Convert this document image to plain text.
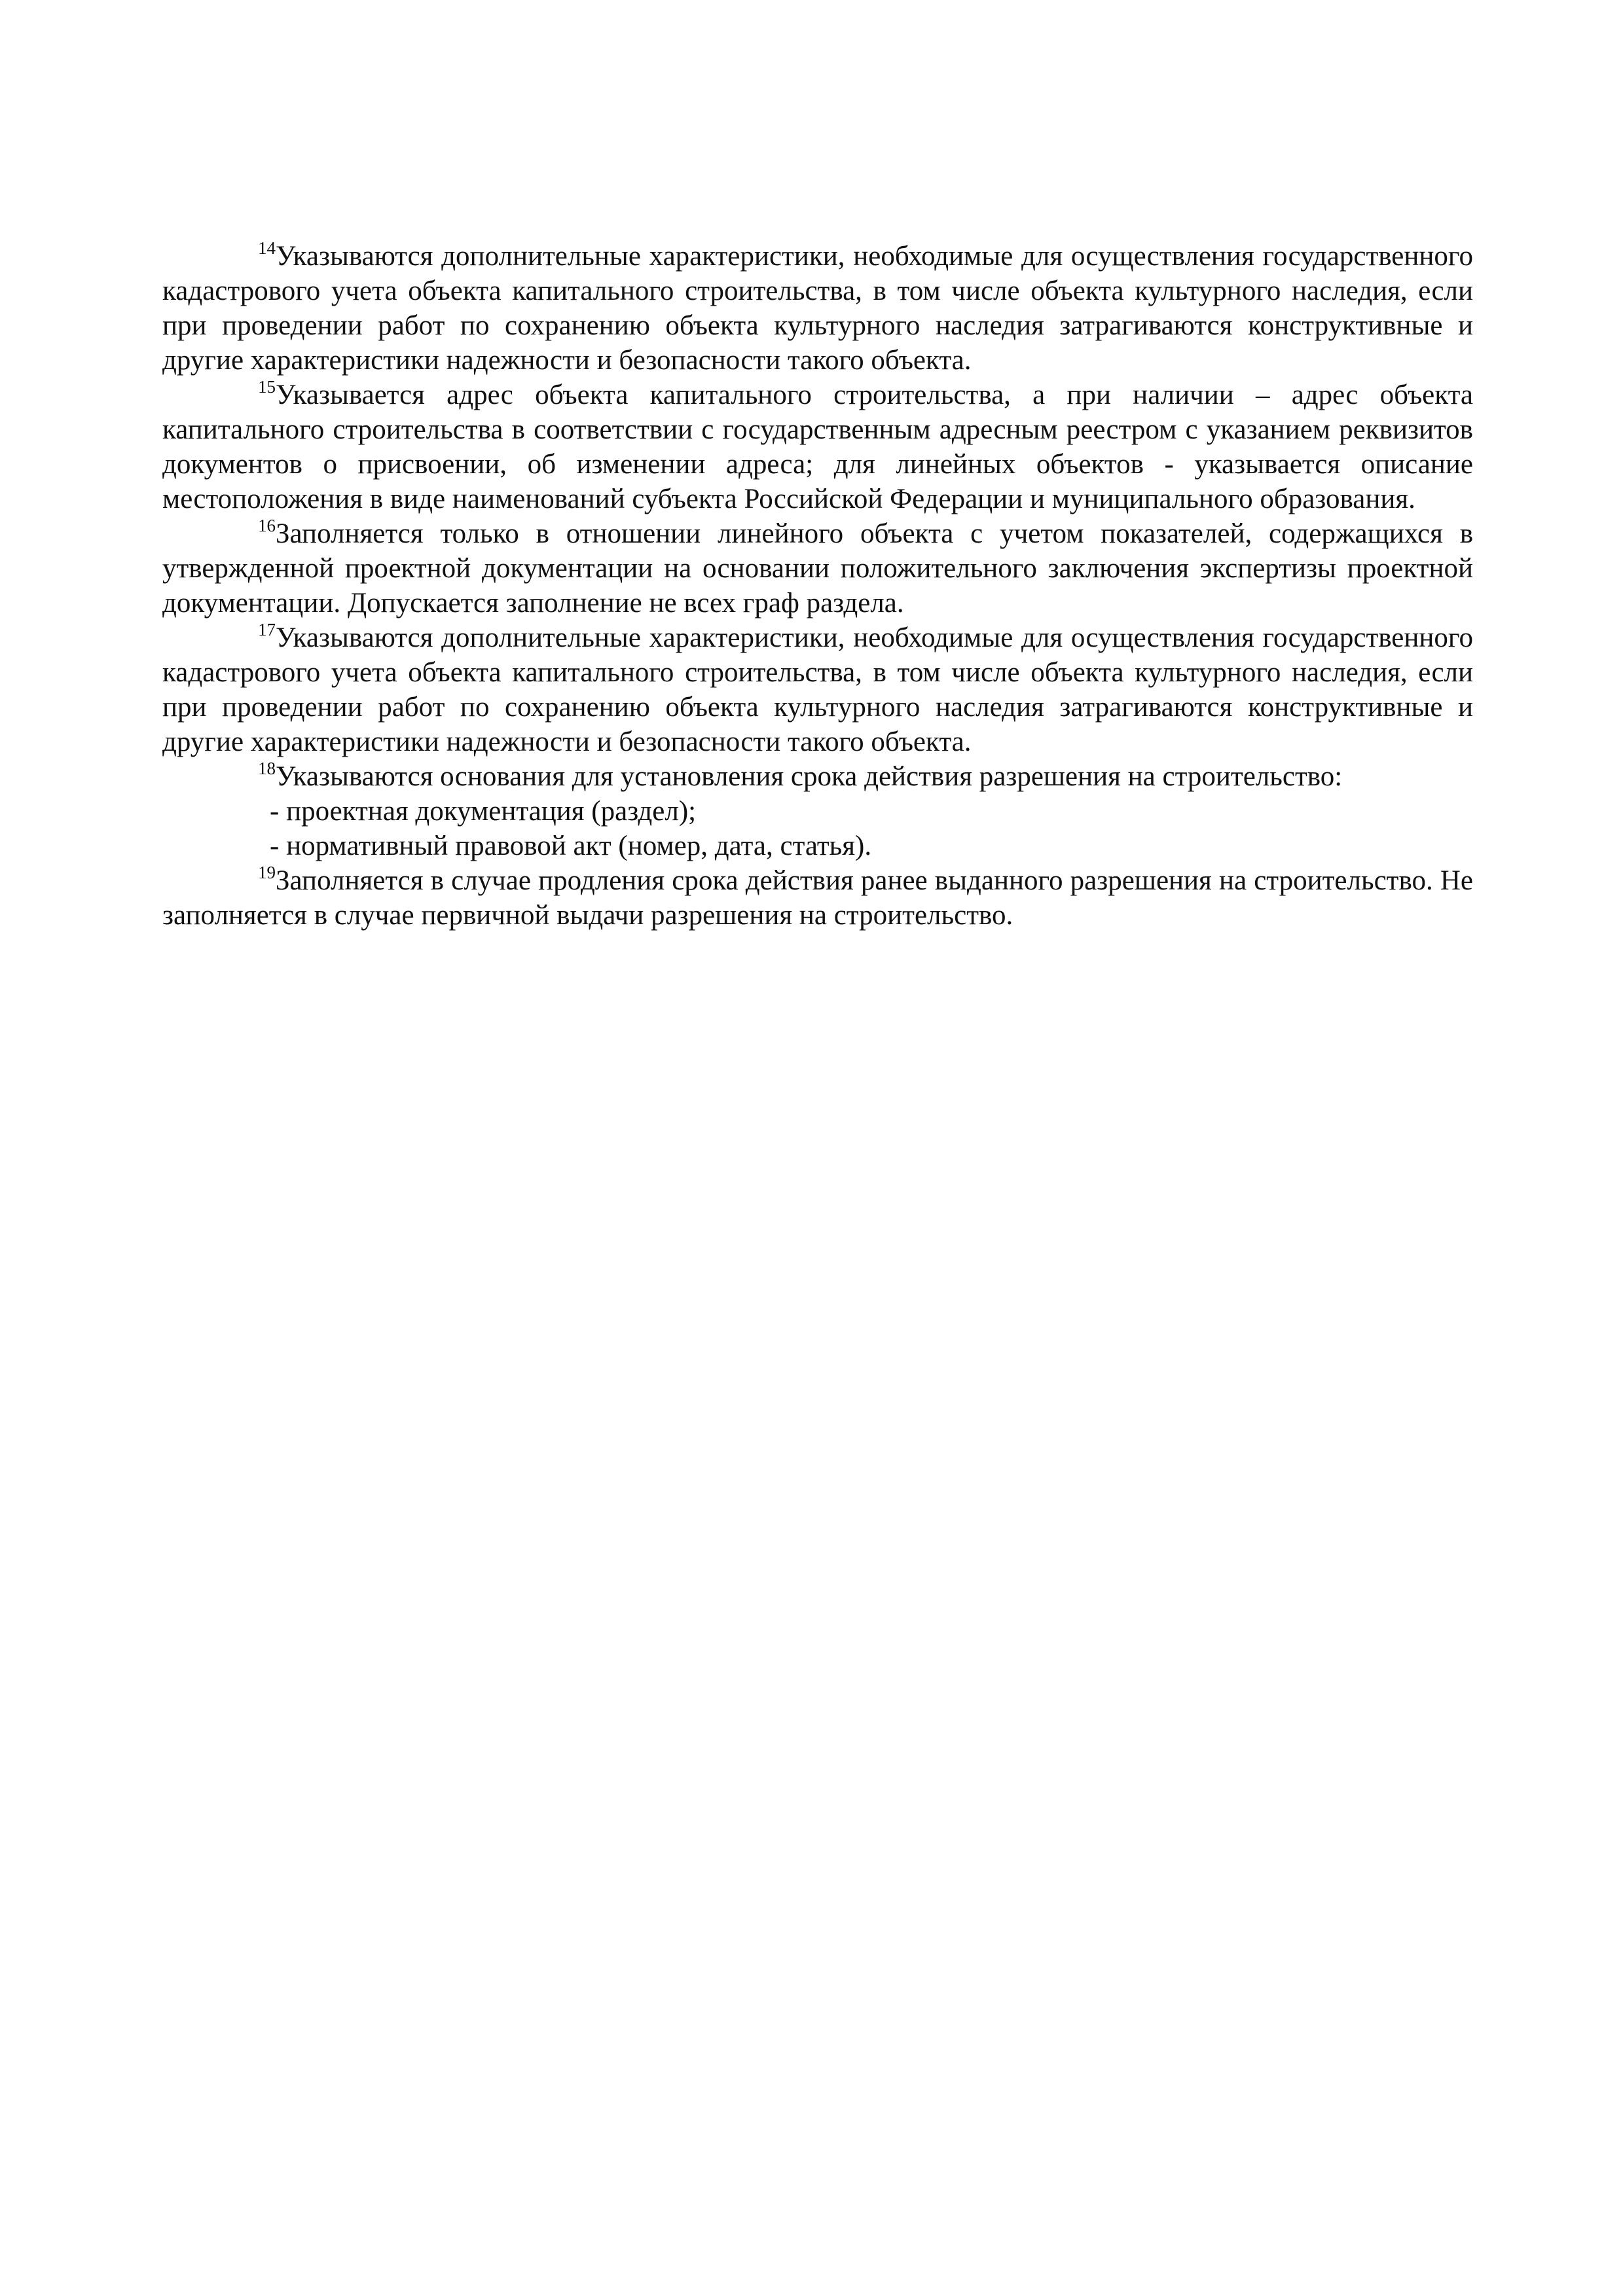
$^{14}$Указываются дополнительные характеристики, необходимые для осуществления государственного кадастрового учета объекта капитального строительства, в том числе объекта культурного наследия, если при проведении работ по сохранению объекта культурного наследия затрагиваются конструктивные и другие характеристики надежности и безопасности такого объекта.

$^{15}$Указывается адрес объекта капитального строительства, а при наличии – адрес объекта капитального строительства в соответствии с государственным адресным реестром с указанием реквизитов документов о присвоении, об изменении адреса; для линейных объектов - указывается описание местоположения в виде наименований субъекта Российской Федерации и муниципального образования.

$^{16}$Заполняется только в отношении линейного объекта с учетом показателей, содержащихся в утвержденной проектной документации на основании положительного заключения экспертизы проектной документации. Допускается заполнение не всех граф раздела.

$^{17}$Указываются дополнительные характеристики, необходимые для осуществления государственного кадастрового учета объекта капитального строительства, в том числе объекта культурного наследия, если при проведении работ по сохранению объекта культурного наследия затрагиваются конструктивные и другие характеристики надежности и безопасности такого объекта.

$^{18}$Указываются основания для установления срока действия разрешения на строительство:

- проектная документация (раздел);

- нормативный правовой акт (номер, дата, статья).

$^{19}$Заполняется в случае продления срока действия ранее выданного разрешения на строительство. Не заполняется в случае первичной выдачи разрешения на строительство.
